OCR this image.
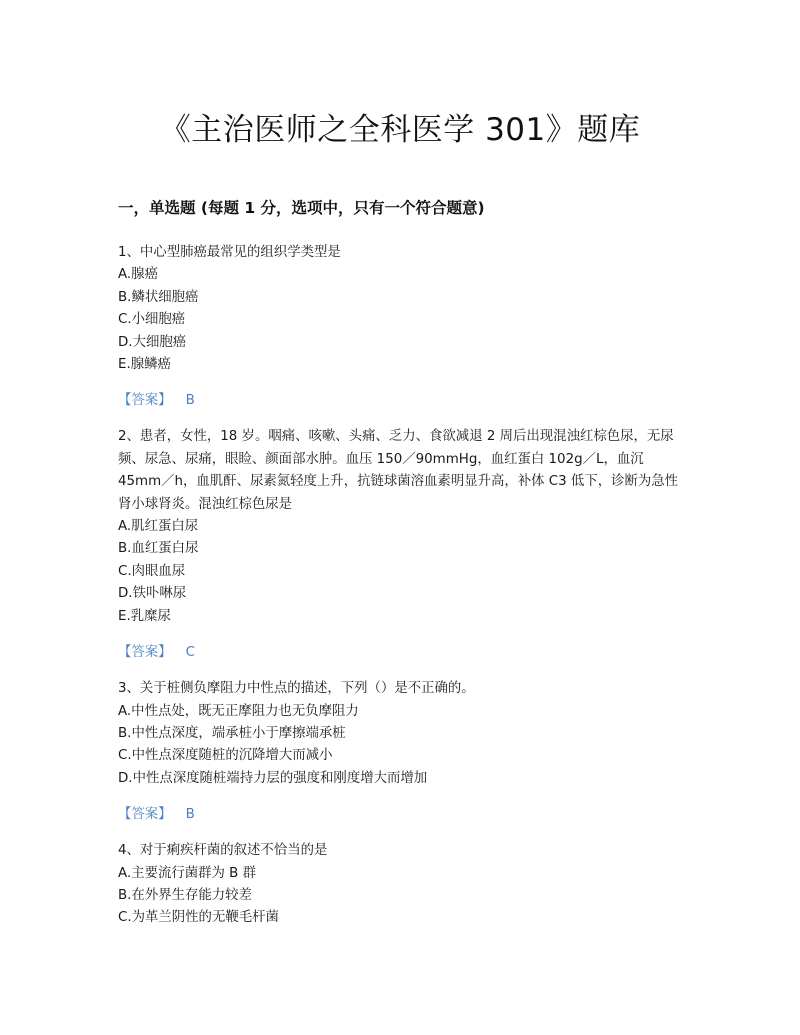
《主治医师之全科医学 301》题库
一，单选题 (每题 1 分，选项中，只有一个符合题意)

1、中心型肺癌最常见的组织学类型是

A.腺癌

B.鳞状细胞癌

C.小细胞癌

D.大细胞癌

E.腺鳞癌

【答案】 B

2、患者，女性，18 岁。咽痛、咳嗽、头痛、乏力、食欲减退 2 周后出现混浊红棕色尿，无尿频、尿急、尿痛，眼睑、颜面部水肿。血压 150／90mmHg，血红蛋白 102g／L，血沉 45mm／h，血肌酐、尿素氮轻度上升，抗链球菌溶血素明显升高，补体 C3 低下，诊断为急性肾小球肾炎。混浊红棕色尿是

A.肌红蛋白尿

B.血红蛋白尿

C.肉眼血尿

D.铁卟啉尿

E.乳糜尿

【答案】 C

3、关于桩侧负摩阻力中性点的描述，下列（）是不正确的。

A.中性点处，既无正摩阻力也无负摩阻力

B.中性点深度，端承桩小于摩擦端承桩

C.中性点深度随桩的沉降增大而减小

D.中性点深度随桩端持力层的强度和刚度增大而增加

【答案】 B

4、对于痢疾杆菌的叙述不恰当的是

A.主要流行菌群为 B 群

B.在外界生存能力较差

C.为革兰阴性的无鞭毛杆菌
